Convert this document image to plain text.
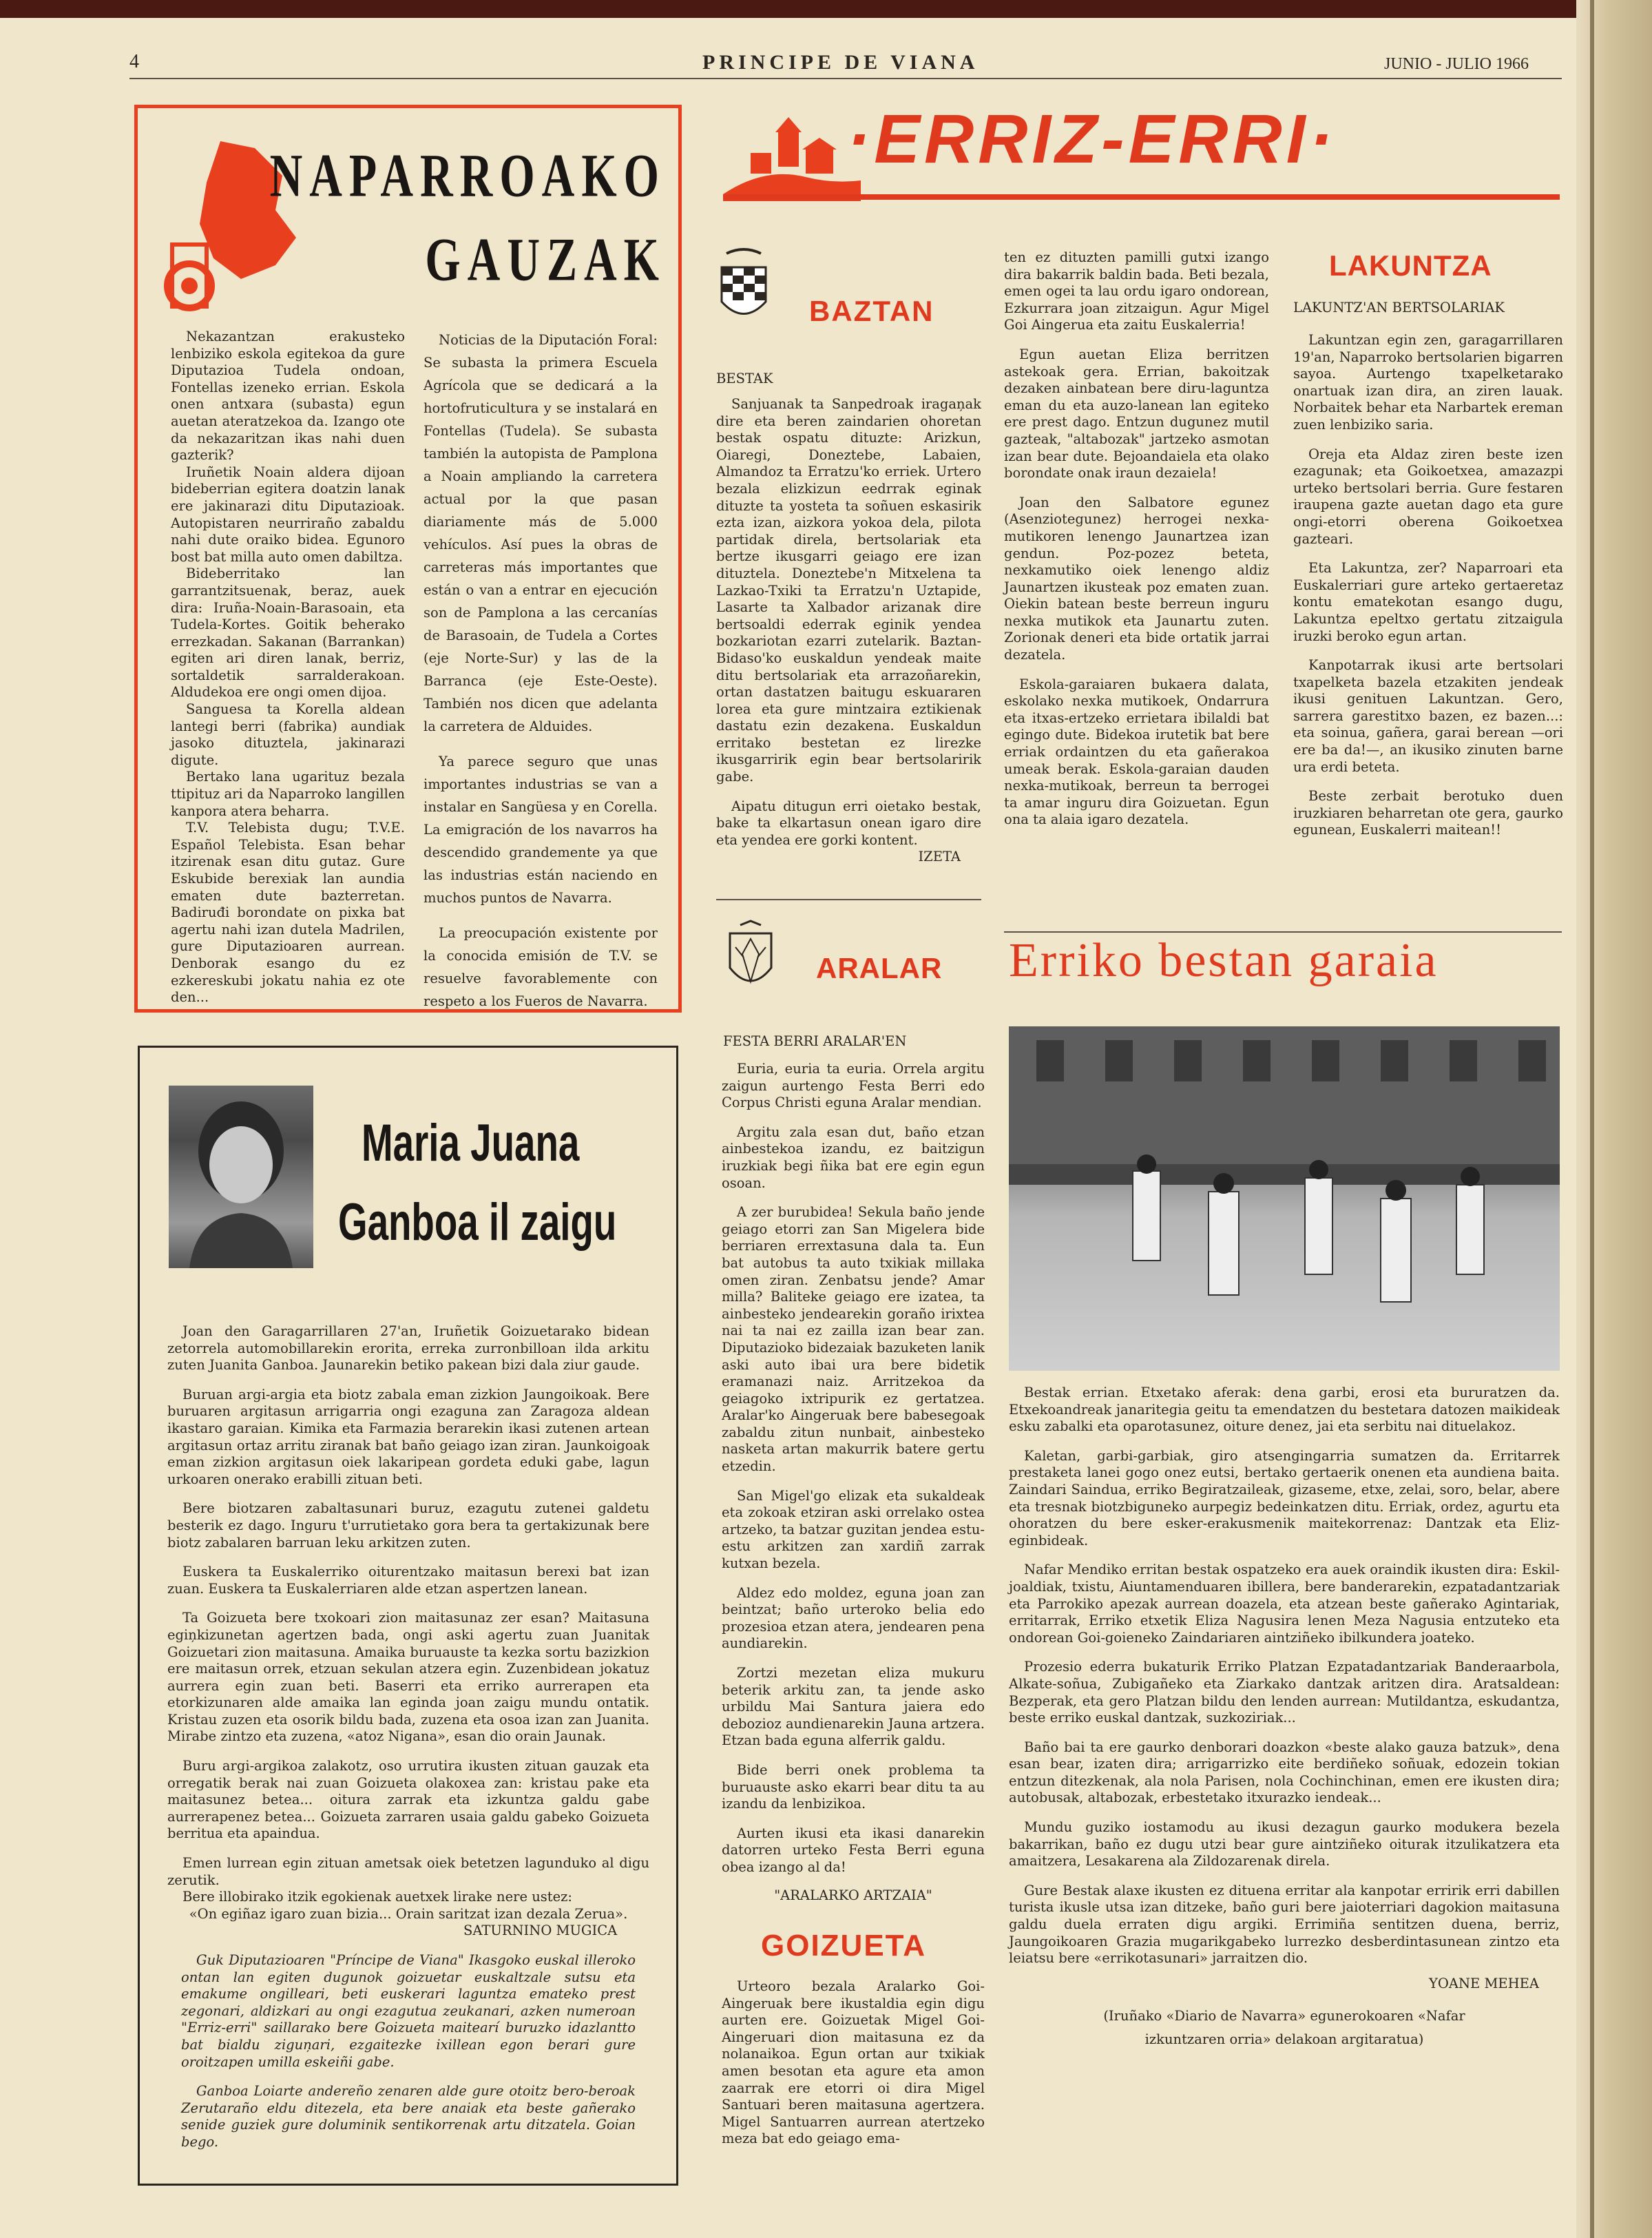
4	PRINCIPE DE VIANA	JUNIO - JULIO 1966
NAPARROAKO
GAUZAK

Nekazantzan erakusteko lenbiziko eskola egitekoa da gure Diputazioa Tudela ondoan, Fontellas izeneko errian. Eskola onen antxara (subasta) egun auetan ateratzekoa da. Izango ote da nekazaritzan ikas nahi duen gazterik?

Iruñetik Noain aldera dijoan bideberrian egitera doatzin lanak ere jakinarazi ditu Diputazioak. Autopistaren neurriraño zabaldu nahi dute oraiko bidea. Egunoro bost bat milla auto omen dabiltza.

Bideberritako lan garrantzitsuenak, beraz, auek dira: Iruña-Noain-Barasoain, eta Tudela-Kortes. Goitik beherako errezkadan. Sakanan (Barrankan) egiten ari diren lanak, berriz, sortaldetik sarralderakoan. Aldudekoa ere ongi omen dijoa.

Sanguesa ta Korella aldean lantegi berri (fabrika) aundiak jasoko dituztela, jakinarazi digute.

Bertako lana ugarituz bezala ttipituz ari da Naparroko langillen kanpora atera beharra.

T.V. Telebista dugu; T.V.E. Español Telebista. Esan behar itzirenak esan ditu gutaz. Gure Eskubide berexiak lan aundia ematen dute bazterretan. Badiruđi borondate on pixka bat agertu nahi izan dutela Madrilen, gure Diputazioaren aurrean. Denborak esango du ez ezkereskubi jokatu nahia ez ote den...

Noticias de la Diputación Foral: Se subasta la primera Escuela Agrícola que se dedicará a la hortofruticultura y se instalará en Fontellas (Tudela). Se subasta también la autopista de Pamplona a Noain ampliando la carretera actual por la que pasan diariamente más de 5.000 vehículos. Así pues la obras de carreteras más importantes que están o van a entrar en ejecución son de Pamplona a las cercanías de Barasoain, de Tudela a Cortes (eje Norte-Sur) y las de la Barranca (eje Este-Oeste). También nos dicen que adelanta la carretera de Alduides.

Ya parece seguro que unas importantes industrias se van a instalar en Sangüesa y en Corella. La emigración de los navarros ha descendido grandemente ya que las industrias están naciendo en muchos puntos de Navarra.

La preocupación existente por la conocida emisión de T.V. se resuelve favorablemente con respeto a los Fueros de Navarra.

Maria Juana
Ganboa il zaigu

Joan den Garagarrillaren 27'an, Iruñetik Goizuetarako bidean zetorrela automobillarekin erorita, erreka zurronbilloan ilda arkitu zuten Juanita Ganboa. Jaunarekin betiko pakean bizi dala ziur gaude.

Buruan argi-argia eta biotz zabala eman zizkion Jaungoikoak. Bere buruaren argitasun arrigarria ongi ezaguna zan Zaragoza aldean ikastaro garaian. Kimika eta Farmazia berarekin ikasi zutenen artean argitasun ortaz arritu ziranak bat baño geiago izan ziran. Jaunkoigoak eman zizkion argitasun oiek lakaripean gordeta eduki gabe, lagun urkoaren onerako erabilli zituan beti.

Bere biotzaren zabaltasunari buruz, ezagutu zutenei galdetu besterik ez dago. Inguru t'urrutietako gora bera ta gertakizunak bere biotz zabalaren barruan leku arkitzen zuten.

Euskera ta Euskalerriko oiturentzako maitasun berexi bat izan zuan. Euskera ta Euskalerriaren alde etzan aspertzen lanean.

Ta Goizueta bere txokoari zion maitasunaz zer esan? Maitasuna egiņkizunetan agertzen bada, ongi aski agertu zuan Juanitak Goizuetari zion maitasuna. Amaika buruauste ta kezka sortu bazizkion ere maitasun orrek, etzuan sekulan atzera egin. Zuzenbidean jokatuz aurrera egin zuan beti. Baserri eta erriko aurrerapen eta etorkizunaren alde amaika lan eginda joan zaigu mundu ontatik. Kristau zuzen eta osorik bildu bada, zuzena eta osoa izan zan Juanita. Mirabe zintzo eta zuzena, «atoz Nigana», esan dio orain Jaunak.

Buru argi-argikoa zalakotz, oso urrutira ikusten zituan gauzak eta orregatik berak nai zuan Goizueta olakoxea zan: kristau pake eta maitasunez betea... oitura zarrak eta izkuntza galdu gabe aurrerapenez betea... Goizueta zarraren usaia galdu gabeko Goizueta berritua eta apaindua.

Emen lurrean egin zituan ametsak oiek betetzen lagunduko al digu zerutik.

Bere illobirako itzik egokienak auetxek lirake nere ustez:

«On egiñaz igaro zuan bizia... Orain saritzat izan dezala Zerua».

SATURNINO MUGICA

Guk Diputazioaren "Príncipe de Viana" Ikasgoko euskal illeroko ontan lan egiten dugunok goizuetar euskaltzale sutsu eta emakume ongilleari, beti euskerari laguntza emateko prest zegonari, aldizkari au ongi ezagutua zeukanari, azken numeroan "Erriz-erri" saillarako bere Goizueta maitearí buruzko idazlantto bat bialdu ziguņari, ezgaitezke ixillean egon berari gure oroitzapen umilla eskeiñi gabe.

Ganboa Loiarte andereño zenaren alde gure otoitz bero-beroak Zerutaraño eldu ditezela, eta bere anaiak eta beste gañerako senide guziek gure doluminik sentikorrenak artu ditzatela. Goian bego.

·ERRIZ-ERRI·
BAZTAN
BESTAK

Sanjuanak ta Sanpedroak iragaņak dire eta beren zaindarien ohoretan bestak ospatu dituzte: Arizkun, Oiaregi, Doneztebe, Labaien, Almandoz ta Erratzu'ko erriek. Urtero bezala elizkizun eedrrak eginak dituzte ta yosteta ta soñuen eskasirik ezta izan, aizkora yokoa dela, pilota partidak direla, bertsolariak eta bertze ikusgarri geiago ere izan dituztela. Doneztebe'n Mitxelena ta Lazkao-Txiki ta Erratzu'n Uztapide, Lasarte ta Xalbador arizanak dire bertsoaldi ederrak eginik yendea bozkariotan ezarri zutelarik. Baztan-Bidaso'ko euskaldun yendeak maite ditu bertsolariak eta arrazoñarekin, ortan dastatzen baitugu eskuararen lorea eta gure mintzaira eztikienak dastatu ezin dezakena. Euskaldun erritako bestetan ez lirezke ikusgarririk egin bear bertsolaririk gabe.

Aipatu ditugun erri oietako bestak, bake ta elkartasun onean igaro dire eta yendea ere gorki kontent.

IZETA

ten ez dituzten pamilli gutxi izango dira bakarrik baldin bada. Beti bezala, emen ogei ta lau ordu igaro ondorean, Ezkurrara joan zitzaigun. Agur Migel Goi Aingerua eta zaitu Euskalerria!

Egun auetan Eliza berritzen astekoak gera. Errian, bakoitzak dezaken ainbatean bere diru-laguntza eman du eta auzo-lanean lan egiteko ere prest dago. Entzun dugunez mutil gazteak, "altabozak" jartzeko asmotan izan bear dute. Bejoandaiela eta olako borondate onak iraun dezaiela!

Joan den Salbatore egunez (Asenziotegunez) herrogei nexka-mutikoren lenengo Jaunartzea izan gendun. Poz-pozez beteta, nexkamutiko oiek lenengo aldiz Jaunartzen ikusteak poz ematen zuan. Oiekin batean beste berreun inguru nexka mutikok eta Jaunartu zuten. Zorionak deneri eta bide ortatik jarrai dezatela.

Eskola-garaiaren bukaera dalata, eskolako nexka mutikoek, Ondarrura eta itxas-ertzeko errietara ibilaldi bat egingo dute. Bidekoa irutetik bat bere erriak ordaintzen du eta gañerakoa umeak berak. Eskola-garaian dauden nexka-mutikoak, berreun ta berrogei ta amar inguru dira Goizuetan. Egun ona ta alaia igaro dezatela.

LAKUNTZA
LAKUNTZ'AN BERTSOLARIAK

Lakuntzan egin zen, garagarrillaren 19'an, Naparroko bertsolarien bigarren sayoa. Aurtengo txapelketarako onartuak izan dira, an ziren lauak. Norbaitek behar eta Narbartek ereman zuen lenbiziko saria.

Oreja eta Aldaz ziren beste izen ezagunak; eta Goikoetxea, amazazpi urteko bertsolari berria. Gure festaren iraupena gazte auetan dago eta gure ongi-etorri oberena Goikoetxea gazteari.

Eta Lakuntza, zer? Naparroari eta Euskalerriari gure arteko gertaeretaz kontu ematekotan esango dugu, Lakuntza epeltxo gertatu zitzaigula iruzki beroko egun artan.

Kanpotarrak ikusi arte bertsolari txapelketa bazela etzakiten jendeak ikusi genituen Lakuntzan. Gero, sarrera garestitxo bazen, ez bazen...: eta soinua, gañera, garai berean —ori ere ba da!—, an ikusiko zinuten barne ura erdi beteta.

Beste zerbait berotuko duen iruzkiaren beharretan ote gera, gaurko egunean, Euskalerri maitean!!

ARALAR
FESTA BERRI ARALAR'EN

Euria, euria ta euria. Orrela argitu zaigun aurtengo Festa Berri edo Corpus Christi eguna Aralar mendian.

Argitu zala esan dut, baño etzan ainbestekoa izandu, ez baitzigun iruzkiak begi ñika bat ere egin egun osoan.

A zer burubidea! Sekula baño jende geiago etorri zan San Migelera bide berriaren errextasuna dala ta. Eun bat autobus ta auto txikiak millaka omen ziran. Zenbatsu jende? Amar milla? Baliteke geiago ere izatea, ta ainbesteko jendearekin goraño irixtea nai ta nai ez zailla izan bear zan. Diputazioko bidezaiak bazuketen lanik aski auto ibai ura bere bidetik eramanazi naiz. Arritzekoa da geiagoko ixtripurik ez gertatzea. Aralar'ko Aingeruak bere babesegoak zabaldu zitun nunbait, ainbesteko nasketa artan makurrik batere gertu etzedin.

San Migel'go elizak eta sukaldeak eta zokoak etziran aski orrelako ostea artzeko, ta batzar guzitan jendea estu-estu arkitzen zan xardiñ zarrak kutxan bezela.

Aldez edo moldez, eguna joan zan beintzat; baño urteroko belia edo prozesioa etzan atera, jendearen pena aundiarekin.

Zortzi mezetan eliza mukuru beterik arkitu zan, ta jende asko urbildu Mai Santura jaiera edo debozioz aundienarekin Jauna artzera. Etzan bada eguna alferrik galdu.

Bide berri onek problema ta buruauste asko ekarri bear ditu ta au izandu da lenbizikoa.

Aurten ikusi eta ikasi danarekin datorren urteko Festa Berri eguna obea izango al da!

"ARALARKO ARTZAIA"

GOIZUETA

Urteoro bezala Aralarko Goi-Aingeruak bere ikustaldia egin digu aurten ere. Goizuetak Migel Goi-Aingeruari dion maitasuna ez da nolanaikoa. Egun ortan aur txikiak amen besotan eta agure eta amon zaarrak ere etorri oi dira Migel Santuari beren maitasuna agertzera. Migel Santuarren aurrean atertzeko meza bat edo geiago ema-

Erriko bestan garaia

Bestak errian. Etxetako aferak: dena garbi, erosi eta bururatzen da. Etxekoandreak janaritegia geitu ta emendatzen du bestetara datozen maikideak esku zabalki eta oparotasunez, oiture denez, jai eta serbitu nai dituelakoz.

Kaletan, garbi-garbiak, giro atsengingarria sumatzen da. Erritarrek prestaketa lanei gogo onez eutsi, bertako gertaerik onenen eta aundiena baita. Zaindari Saindua, erriko Begiratzaileak, gizaseme, etxe, zelai, soro, belar, abere eta tresnak biotzbiguneko aurpegiz bedeinkatzen ditu. Erriak, ordez, agurtu eta ohoratzen du bere esker-erakusmenik maitekorrenaz: Dantzak eta Eliz-eginbideak.

Nafar Mendiko erritan bestak ospatzeko era auek oraindik ikusten dira: Eskil-joaldiak, txistu, Aiuntamenduaren ibillera, bere banderarekin, ezpatadantzariak eta Parrokiko apezak aurrean doazela, eta atzean beste gañerako Agintariak, erritarrak, Erriko etxetik Eliza Nagusira lenen Meza Nagusia entzuteko eta ondorean Goi-goieneko Zaindariaren aintziñeko ibilkundera joateko.

Prozesio ederra bukaturik Erriko Platzan Ezpatadantzariak Banderaarbola, Alkate-soñua, Zubigañeko eta Ziarkako dantzak aritzen dira. Aratsaldean: Bezperak, eta gero Platzan bildu den lenden aurrean: Mutildantza, eskudantza, beste erriko euskal dantzak, suzkoziriak...

Baño bai ta ere gaurko denborari doazkon «beste alako gauza batzuk», dena esan bear, izaten dira; arrigarrizko eite berdiñeko soñuak, edozein tokian entzun ditezkenak, ala nola Parisen, nola Cochinchinan, emen ere ikusten dira; autobusak, altabozak, erbestetako itxurazko iendeak...

Mundu guziko iostamodu au ikusi dezagun gaurko modukera bezela bakarrikan, baño ez dugu utzi bear gure aintziñeko oiturak itzulikatzera eta amaitzera, Lesakarena ala Zildozarenak direla.

Gure Bestak alaxe ikusten ez dituena erritar ala kanpotar erririk erri dabillen turista ikusle utsa izan ditzeke, baño guri bere jaioterriari dagokion maitasuna galdu duela erraten digu argiki. Errimiña sentitzen duena, berriz, Jaungoikoaren Grazia mugarikgabeko lurrezko desberdintasunean zintzo eta leiatsu bere «errikotasunari» jarraitzen dio.

YOANE MEHEA

(Iruñako «Diario de Navarra» egunerokoaren «Nafar izkuntzaren orria» delakoan argitaratua)
